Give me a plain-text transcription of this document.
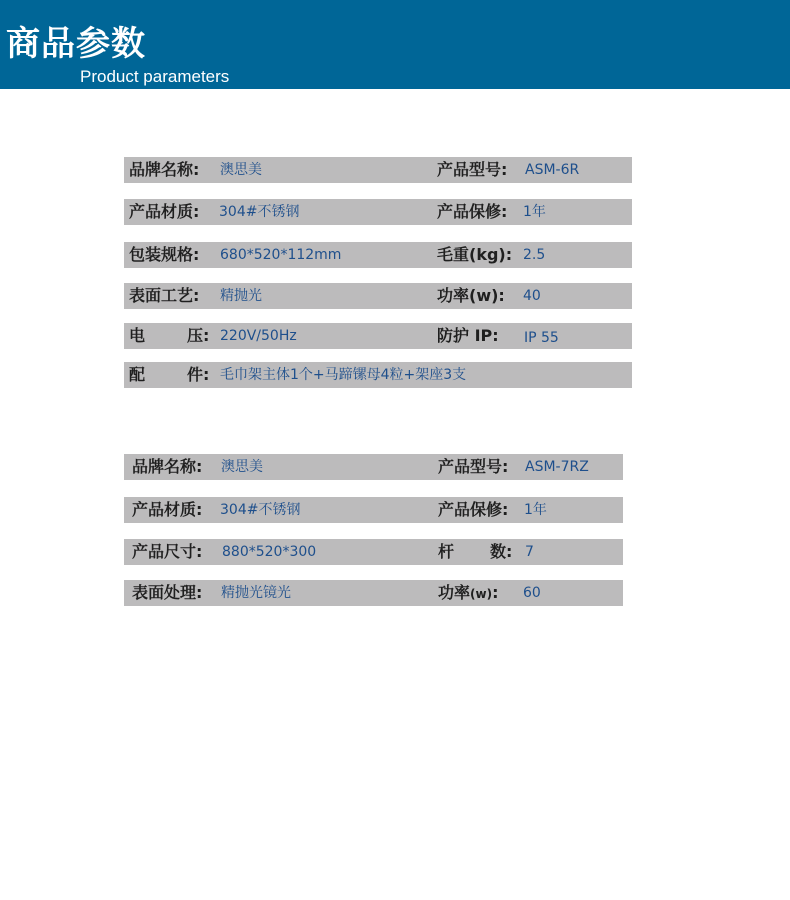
商品参数
Product parameters
品牌名称: 澳思美	产品型号: ASM-6R
产品材质: 304#不锈钢	产品保修: 1年
包装规格: 680*520*112mm	毛重(kg): 2.5
表面工艺: 精抛光	功率(w): 40
电	压: 220V/50Hz	防护 IP: IP 55
配	件: 毛巾架主体1个+马蹄镙母4粒+架座3支
品牌名称: 澳思美	产品型号: ASM-7RZ
产品材质: 304#不锈钢	产品保修: 1年
产品尺寸: 880*520*300	杆 数: 7
表面处理: 精抛光镜光	功率(w): 60
